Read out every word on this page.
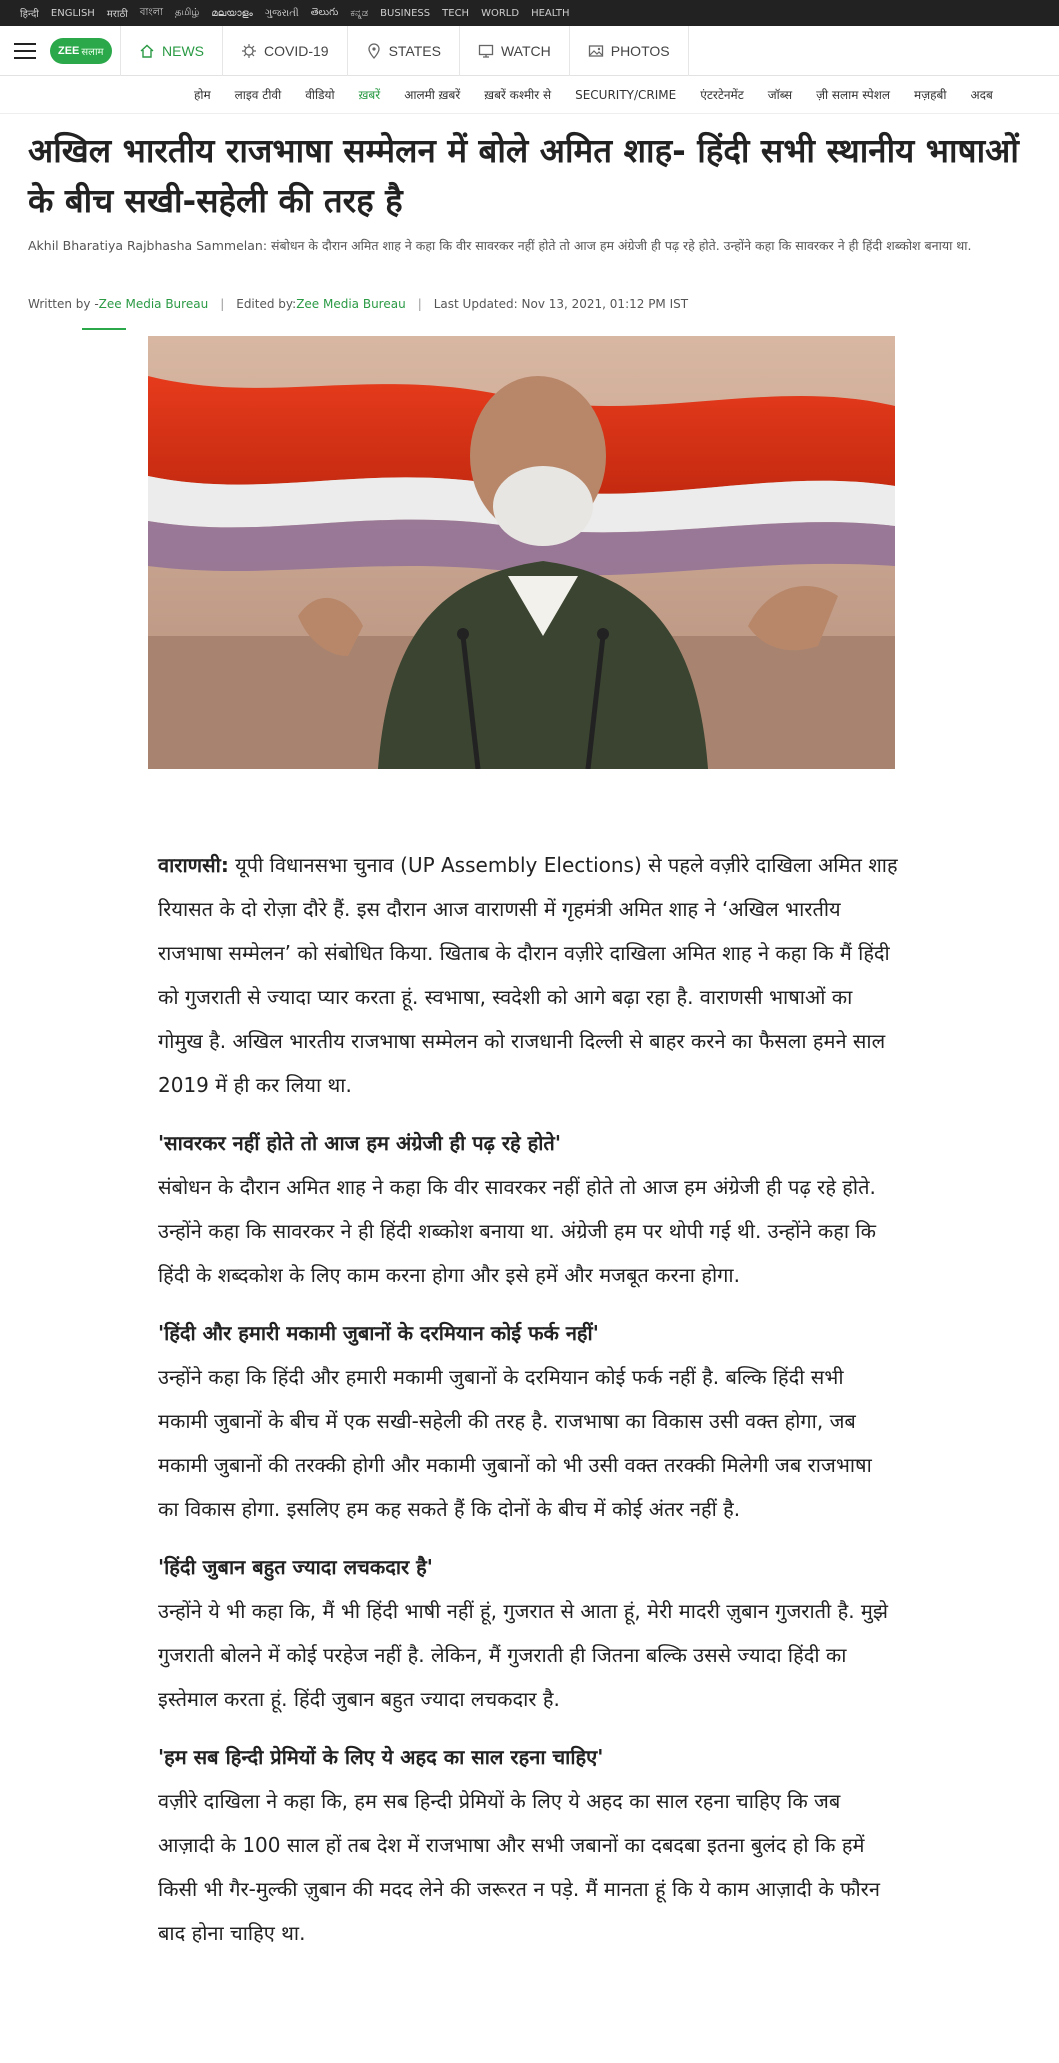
हिन्दी ENGLISH मराठी বাংলা தமிழ் മലയാളം ગુજરાતી తెలుగు ಕನ್ನಡ BUSINESS TECH WORLD HEALTH
ZEE सलाम	NEWS	COVID-19	STATES	WATCH	PHOTOS
होम	लाइव टीवी	वीडियो	ख़बरें	आलमी ख़बरें	ख़बरें कश्मीर से	SECURITY/CRIME	एंटरटेनमेंट	जॉब्स	ज़ी सलाम स्पेशल	मज़हबी	अदब
अखिल भारतीय राजभाषा सम्मेलन में बोले अमित शाह- हिंदी सभी स्थानीय भाषाओं के बीच सखी-सहेली की तरह है

Akhil Bharatiya Rajbhasha Sammelan: संबोधन के दौरान अमित शाह ने कहा कि वीर सावरकर नहीं होते तो आज हम अंग्रेजी ही पढ़ रहे होते. उन्होंने कहा कि सावरकर ने ही हिंदी शब्कोश बनाया था.

Written by - Zee Media Bureau | Edited by: Zee Media Bureau | Last Updated: Nov 13, 2021, 01:12 PM IST

वाराणसी: यूपी विधानसभा चुनाव (UP Assembly Elections) से पहले वज़ीरे दाखिला अमित शाह रियासत के दो रोज़ा दौरे हैं. इस दौरान आज वाराणसी में गृहमंत्री अमित शाह ने ‘अखिल भारतीय राजभाषा सम्मेलन’ को संबोधित किया. खिताब के दौरान वज़ीरे दाखिला अमित शाह ने कहा कि मैं हिंदी को गुजराती से ज्यादा प्यार करता हूं. स्वभाषा, स्वदेशी को आगे बढ़ा रहा है. वाराणसी भाषाओं का गोमुख है. अखिल भारतीय राजभाषा सम्मेलन को राजधानी दिल्ली से बाहर करने का फैसला हमने साल 2019 में ही कर लिया था.

'सावरकर नहीं होते तो आज हम अंग्रेजी ही पढ़ रहे होते'

संबोधन के दौरान अमित शाह ने कहा कि वीर सावरकर नहीं होते तो आज हम अंग्रेजी ही पढ़ रहे होते. उन्होंने कहा कि सावरकर ने ही हिंदी शब्कोश बनाया था. अंग्रेजी हम पर थोपी गई थी. उन्होंने कहा कि हिंदी के शब्दकोश के लिए काम करना होगा और इसे हमें और मजबूत करना होगा.

'हिंदी और हमारी मकामी जुबानों के दरमियान कोई फर्क नहीं'

उन्होंने कहा कि हिंदी और हमारी मकामी जुबानों के दरमियान कोई फर्क नहीं है. बल्कि हिंदी सभी मकामी जुबानों के बीच में एक सखी-सहेली की तरह है. राजभाषा का विकास उसी वक्त होगा, जब मकामी जुबानों की तरक्की होगी और मकामी जुबानों को भी उसी वक्त तरक्की मिलेगी जब राजभाषा का विकास होगा. इसलिए हम कह सकते हैं कि दोनों के बीच में कोई अंतर नहीं है.

'हिंदी जुबान बहुत ज्यादा लचकदार है'

उन्होंने ये भी कहा कि, मैं भी हिंदी भाषी नहीं हूं, गुजरात से आता हूं, मेरी मादरी ज़ुबान गुजराती है. मुझे गुजराती बोलने में कोई परहेज नहीं है. लेकिन, मैं गुजराती ही जितना बल्कि उससे ज्यादा हिंदी का इस्तेमाल करता हूं. हिंदी जुबान बहुत ज्यादा लचकदार है.

'हम सब हिन्दी प्रेमियों के लिए ये अहद का साल रहना चाहिए'

वज़ीरे दाखिला ने कहा कि, हम सब हिन्दी प्रेमियों के लिए ये अहद का साल रहना चाहिए कि जब आज़ादी के 100 साल हों तब देश में राजभाषा और सभी जबानों का दबदबा इतना बुलंद हो कि हमें किसी भी गैर-मुल्की ज़ुबान की मदद लेने की जरूरत न पड़े. मैं मानता हूं कि ये काम आज़ादी के फौरन बाद होना चाहिए था.
